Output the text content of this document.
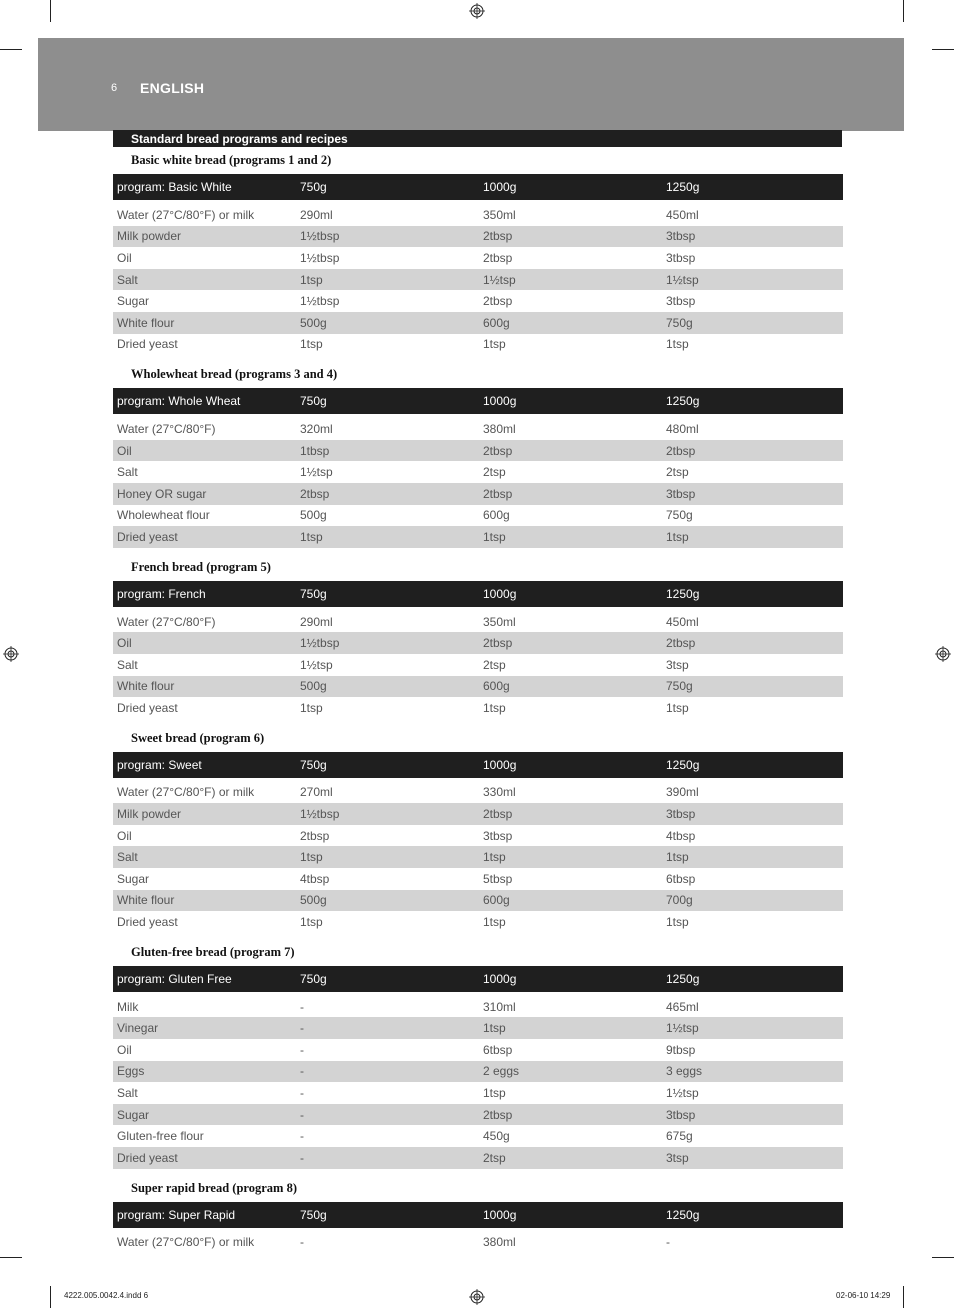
6 ENGLISH
Standard bread programs and recipes
Basic white bread (programs 1 and 2)
program: Basic White	750g	1000g	1250g
Water (27°C/80°F) or milk	290ml	350ml	450ml
Milk powder	1½tbsp	2tbsp	3tbsp
Oil	1½tbsp	2tbsp	3tbsp
Salt	1tsp	1½tsp	1½tsp
Sugar	1½tbsp	2tbsp	3tbsp
White flour	500g	600g	750g
Dried yeast	1tsp	1tsp	1tsp
Wholewheat bread (programs 3 and 4)
program: Whole Wheat	750g	1000g	1250g
Water (27°C/80°F)	320ml	380ml	480ml
Oil	1tbsp	2tbsp	2tbsp
Salt	1½tsp	2tsp	2tsp
Honey OR sugar	2tbsp	2tbsp	3tbsp
Wholewheat flour	500g	600g	750g
Dried yeast	1tsp	1tsp	1tsp
French bread (program 5)
program: French	750g	1000g	1250g
Water (27°C/80°F)	290ml	350ml	450ml
Oil	1½tbsp	2tbsp	2tbsp
Salt	1½tsp	2tsp	3tsp
White flour	500g	600g	750g
Dried yeast	1tsp	1tsp	1tsp
Sweet bread (program 6)
program: Sweet	750g	1000g	1250g
Water (27°C/80°F) or milk	270ml	330ml	390ml
Milk powder	1½tbsp	2tbsp	3tbsp
Oil	2tbsp	3tbsp	4tbsp
Salt	1tsp	1tsp	1tsp
Sugar	4tbsp	5tbsp	6tbsp
White flour	500g	600g	700g
Dried yeast	1tsp	1tsp	1tsp
Gluten-free bread (program 7)
program: Gluten Free	750g	1000g	1250g
Milk	-	310ml	465ml
Vinegar	-	1tsp	1½tsp
Oil	-	6tbsp	9tbsp
Eggs	-	2 eggs	3 eggs
Salt	-	1tsp	1½tsp
Sugar	-	2tbsp	3tbsp
Gluten-free flour	-	450g	675g
Dried yeast	-	2tsp	3tsp
Super rapid bread (program 8)
program: Super Rapid	750g	1000g	1250g
Water (27°C/80°F) or milk	-	380ml	-
4222.005.0042.4.indd 6	02-06-10 14:29
